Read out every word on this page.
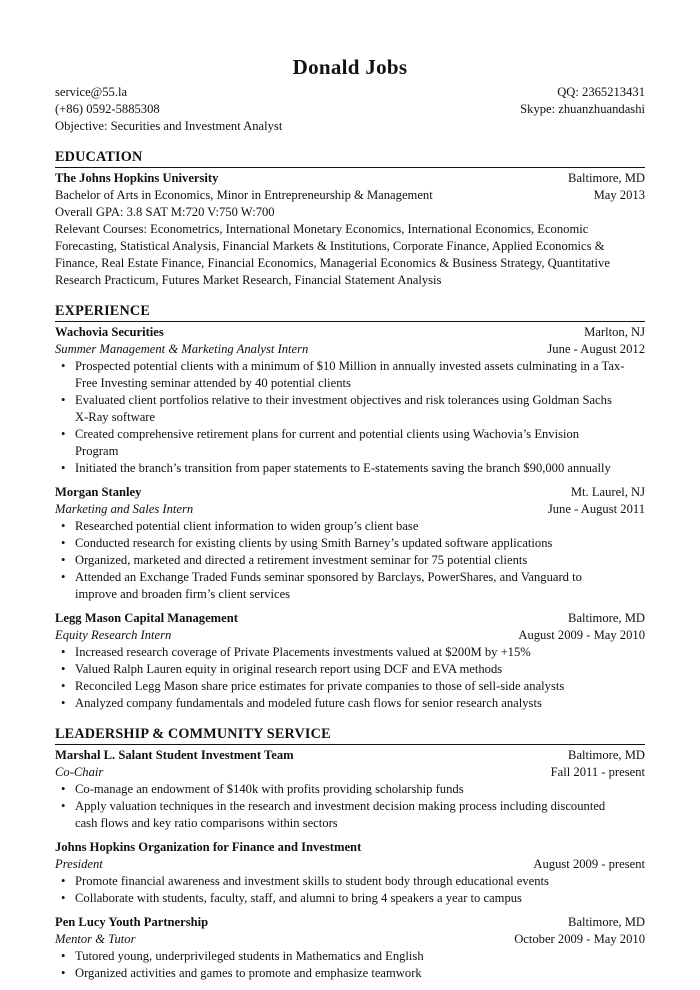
Donald Jobs
service@55.la	QQ: 2365213431
(+86) 0592-5885308	Skype: zhuanzhuandashi
Objective: Securities and Investment Analyst
EDUCATION
The Johns Hopkins University	Baltimore, MD
Bachelor of Arts in Economics, Minor in Entrepreneurship & Management	May 2013
Overall GPA: 3.8 SAT M:720 V:750 W:700
Relevant Courses: Econometrics, International Monetary Economics, International Economics, Economic Forecasting, Statistical Analysis, Financial Markets & Institutions, Corporate Finance, Applied Economics & Finance, Real Estate Finance, Financial Economics, Managerial Economics & Business Strategy, Quantitative Research Practicum, Futures Market Research, Financial Statement Analysis
EXPERIENCE
Wachovia Securities	Marlton, NJ
Summer Management & Marketing Analyst Intern	June - August 2012
• Prospected potential clients with a minimum of $10 Million in annually invested assets culminating in a Tax-Free Investing seminar attended by 40 potential clients
• Evaluated client portfolios relative to their investment objectives and risk tolerances using Goldman Sachs X-Ray software
• Created comprehensive retirement plans for current and potential clients using Wachovia’s Envision Program
• Initiated the branch’s transition from paper statements to E-statements saving the branch $90,000 annually
Morgan Stanley	Mt. Laurel, NJ
Marketing and Sales Intern	June - August 2011
• Researched potential client information to widen group’s client base
• Conducted research for existing clients by using Smith Barney’s updated software applications
• Organized, marketed and directed a retirement investment seminar for 75 potential clients
• Attended an Exchange Traded Funds seminar sponsored by Barclays, PowerShares, and Vanguard to improve and broaden firm’s client services
Legg Mason Capital Management	Baltimore, MD
Equity Research Intern	August 2009 - May 2010
• Increased research coverage of Private Placements investments valued at $200M by +15%
• Valued Ralph Lauren equity in original research report using DCF and EVA methods
• Reconciled Legg Mason share price estimates for private companies to those of sell-side analysts
• Analyzed company fundamentals and modeled future cash flows for senior research analysts
LEADERSHIP & COMMUNITY SERVICE
Marshal L. Salant Student Investment Team	Baltimore, MD
Co-Chair	Fall 2011 - present
• Co-manage an endowment of $140k with profits providing scholarship funds
• Apply valuation techniques in the research and investment decision making process including discounted cash flows and key ratio comparisons within sectors
Johns Hopkins Organization for Finance and Investment
President	August 2009 - present
• Promote financial awareness and investment skills to student body through educational events
• Collaborate with students, faculty, staff, and alumni to bring 4 speakers a year to campus
Pen Lucy Youth Partnership	Baltimore, MD
Mentor & Tutor	October 2009 - May 2010
• Tutored young, underprivileged students in Mathematics and English
• Organized activities and games to promote and emphasize teamwork
